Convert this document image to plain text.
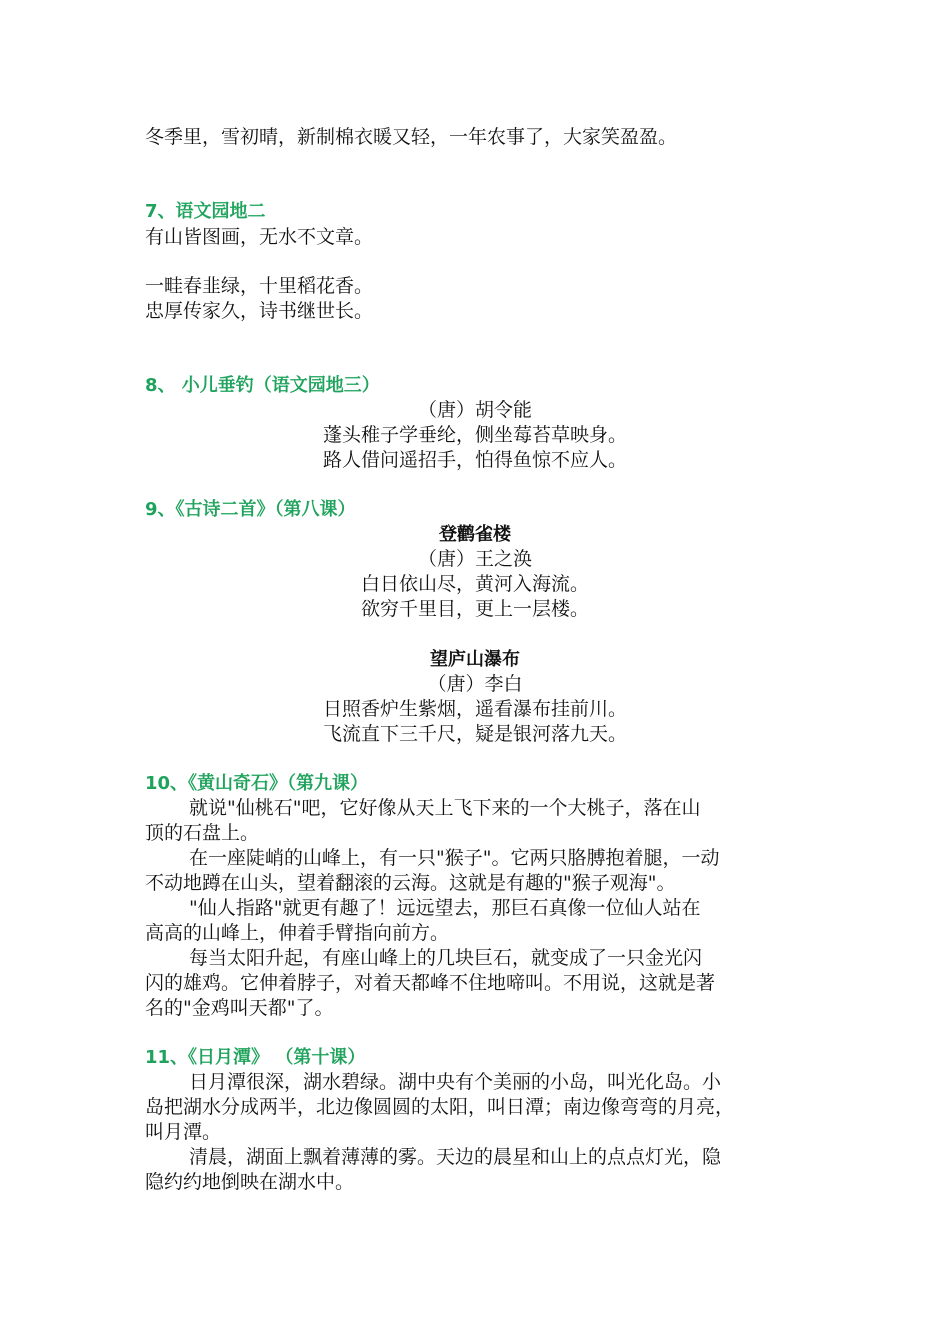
冬季里，雪初晴，新制棉衣暖又轻，一年农事了，大家笑盈盈。
7、语文园地二
有山皆图画，无水不文章。
一畦春韭绿，十里稻花香。
忠厚传家久，诗书继世长。
8、 小儿垂钓（语文园地三）
（唐）胡令能
蓬头稚子学垂纶，侧坐莓苔草映身。
路人借问遥招手，怕得鱼惊不应人。
9、《古诗二首》（第八课）
登鹳雀楼
（唐）王之涣
白日依山尽，黄河入海流。
欲穷千里目，更上一层楼。
望庐山瀑布
（唐）李白
日照香炉生紫烟，遥看瀑布挂前川。
飞流直下三千尺，疑是银河落九天。
10、《黄山奇石》（第九课）
就说"仙桃石"吧，它好像从天上飞下来的一个大桃子，落在山
顶的石盘上。
在一座陡峭的山峰上，有一只"猴子"。它两只胳膊抱着腿，一动
不动地蹲在山头，望着翻滚的云海。这就是有趣的"猴子观海"。
"仙人指路"就更有趣了！远远望去，那巨石真像一位仙人站在
高高的山峰上，伸着手臂指向前方。
每当太阳升起，有座山峰上的几块巨石，就变成了一只金光闪
闪的雄鸡。它伸着脖子，对着天都峰不住地啼叫。不用说，这就是著
名的"金鸡叫天都"了。
11、《日月潭》 （第十课）
日月潭很深，湖水碧绿。湖中央有个美丽的小岛，叫光化岛。小
岛把湖水分成两半，北边像圆圆的太阳，叫日潭；南边像弯弯的月亮，
叫月潭。
清晨，湖面上飘着薄薄的雾。天边的晨星和山上的点点灯光，隐
隐约约地倒映在湖水中。
